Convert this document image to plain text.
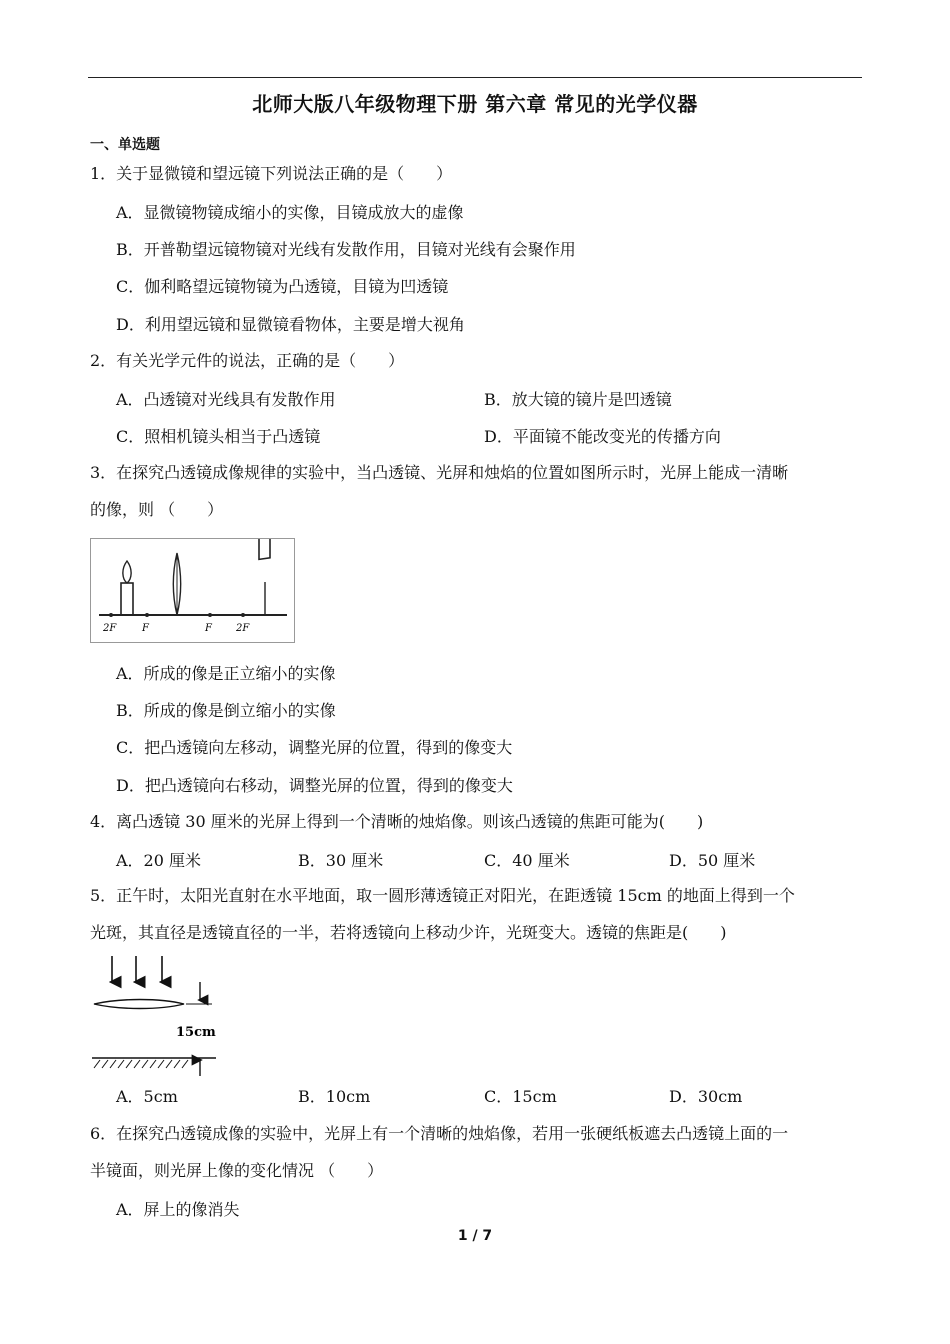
北师大版八年级物理下册 第六章 常见的光学仪器
一、单选题
1．关于显微镜和望远镜下列说法正确的是（　　）
A．显微镜物镜成缩小的实像，目镜成放大的虚像
B．开普勒望远镜物镜对光线有发散作用，目镜对光线有会聚作用
C．伽利略望远镜物镜为凸透镜，目镜为凹透镜
D．利用望远镜和显微镜看物体，主要是增大视角
2．有关光学元件的说法，正确的是（　　）
A．凸透镜对光线具有发散作用	B．放大镜的镜片是凹透镜
C．照相机镜头相当于凸透镜	D．平面镜不能改变光的传播方向
3．在探究凸透镜成像规律的实验中，当凸透镜、光屏和烛焰的位置如图所示时，光屏上能成一清晰
的像，则 （　　）
2F	F	F 2F
A．所成的像是正立缩小的实像
B．所成的像是倒立缩小的实像
C．把凸透镜向左移动，调整光屏的位置，得到的像变大
D．把凸透镜向右移动，调整光屏的位置，得到的像变大
4．离凸透镜 30 厘米的光屏上得到一个清晰的烛焰像。则该凸透镜的焦距可能为(　　)
A．20 厘米	B．30 厘米	C．40 厘米	D．50 厘米
5．正午时，太阳光直射在水平地面，取一圆形薄透镜正对阳光，在距透镜 15cm 的地面上得到一个
光斑，其直径是透镜直径的一半，若将透镜向上移动少许，光斑变大。透镜的焦距是(　　)
15cm
A．5cm	B．10cm	C．15cm	D．30cm
6．在探究凸透镜成像的实验中，光屏上有一个清晰的烛焰像，若用一张硬纸板遮去凸透镜上面的一
半镜面，则光屏上像的变化情况 （　　）
A．屏上的像消失
1 / 7
